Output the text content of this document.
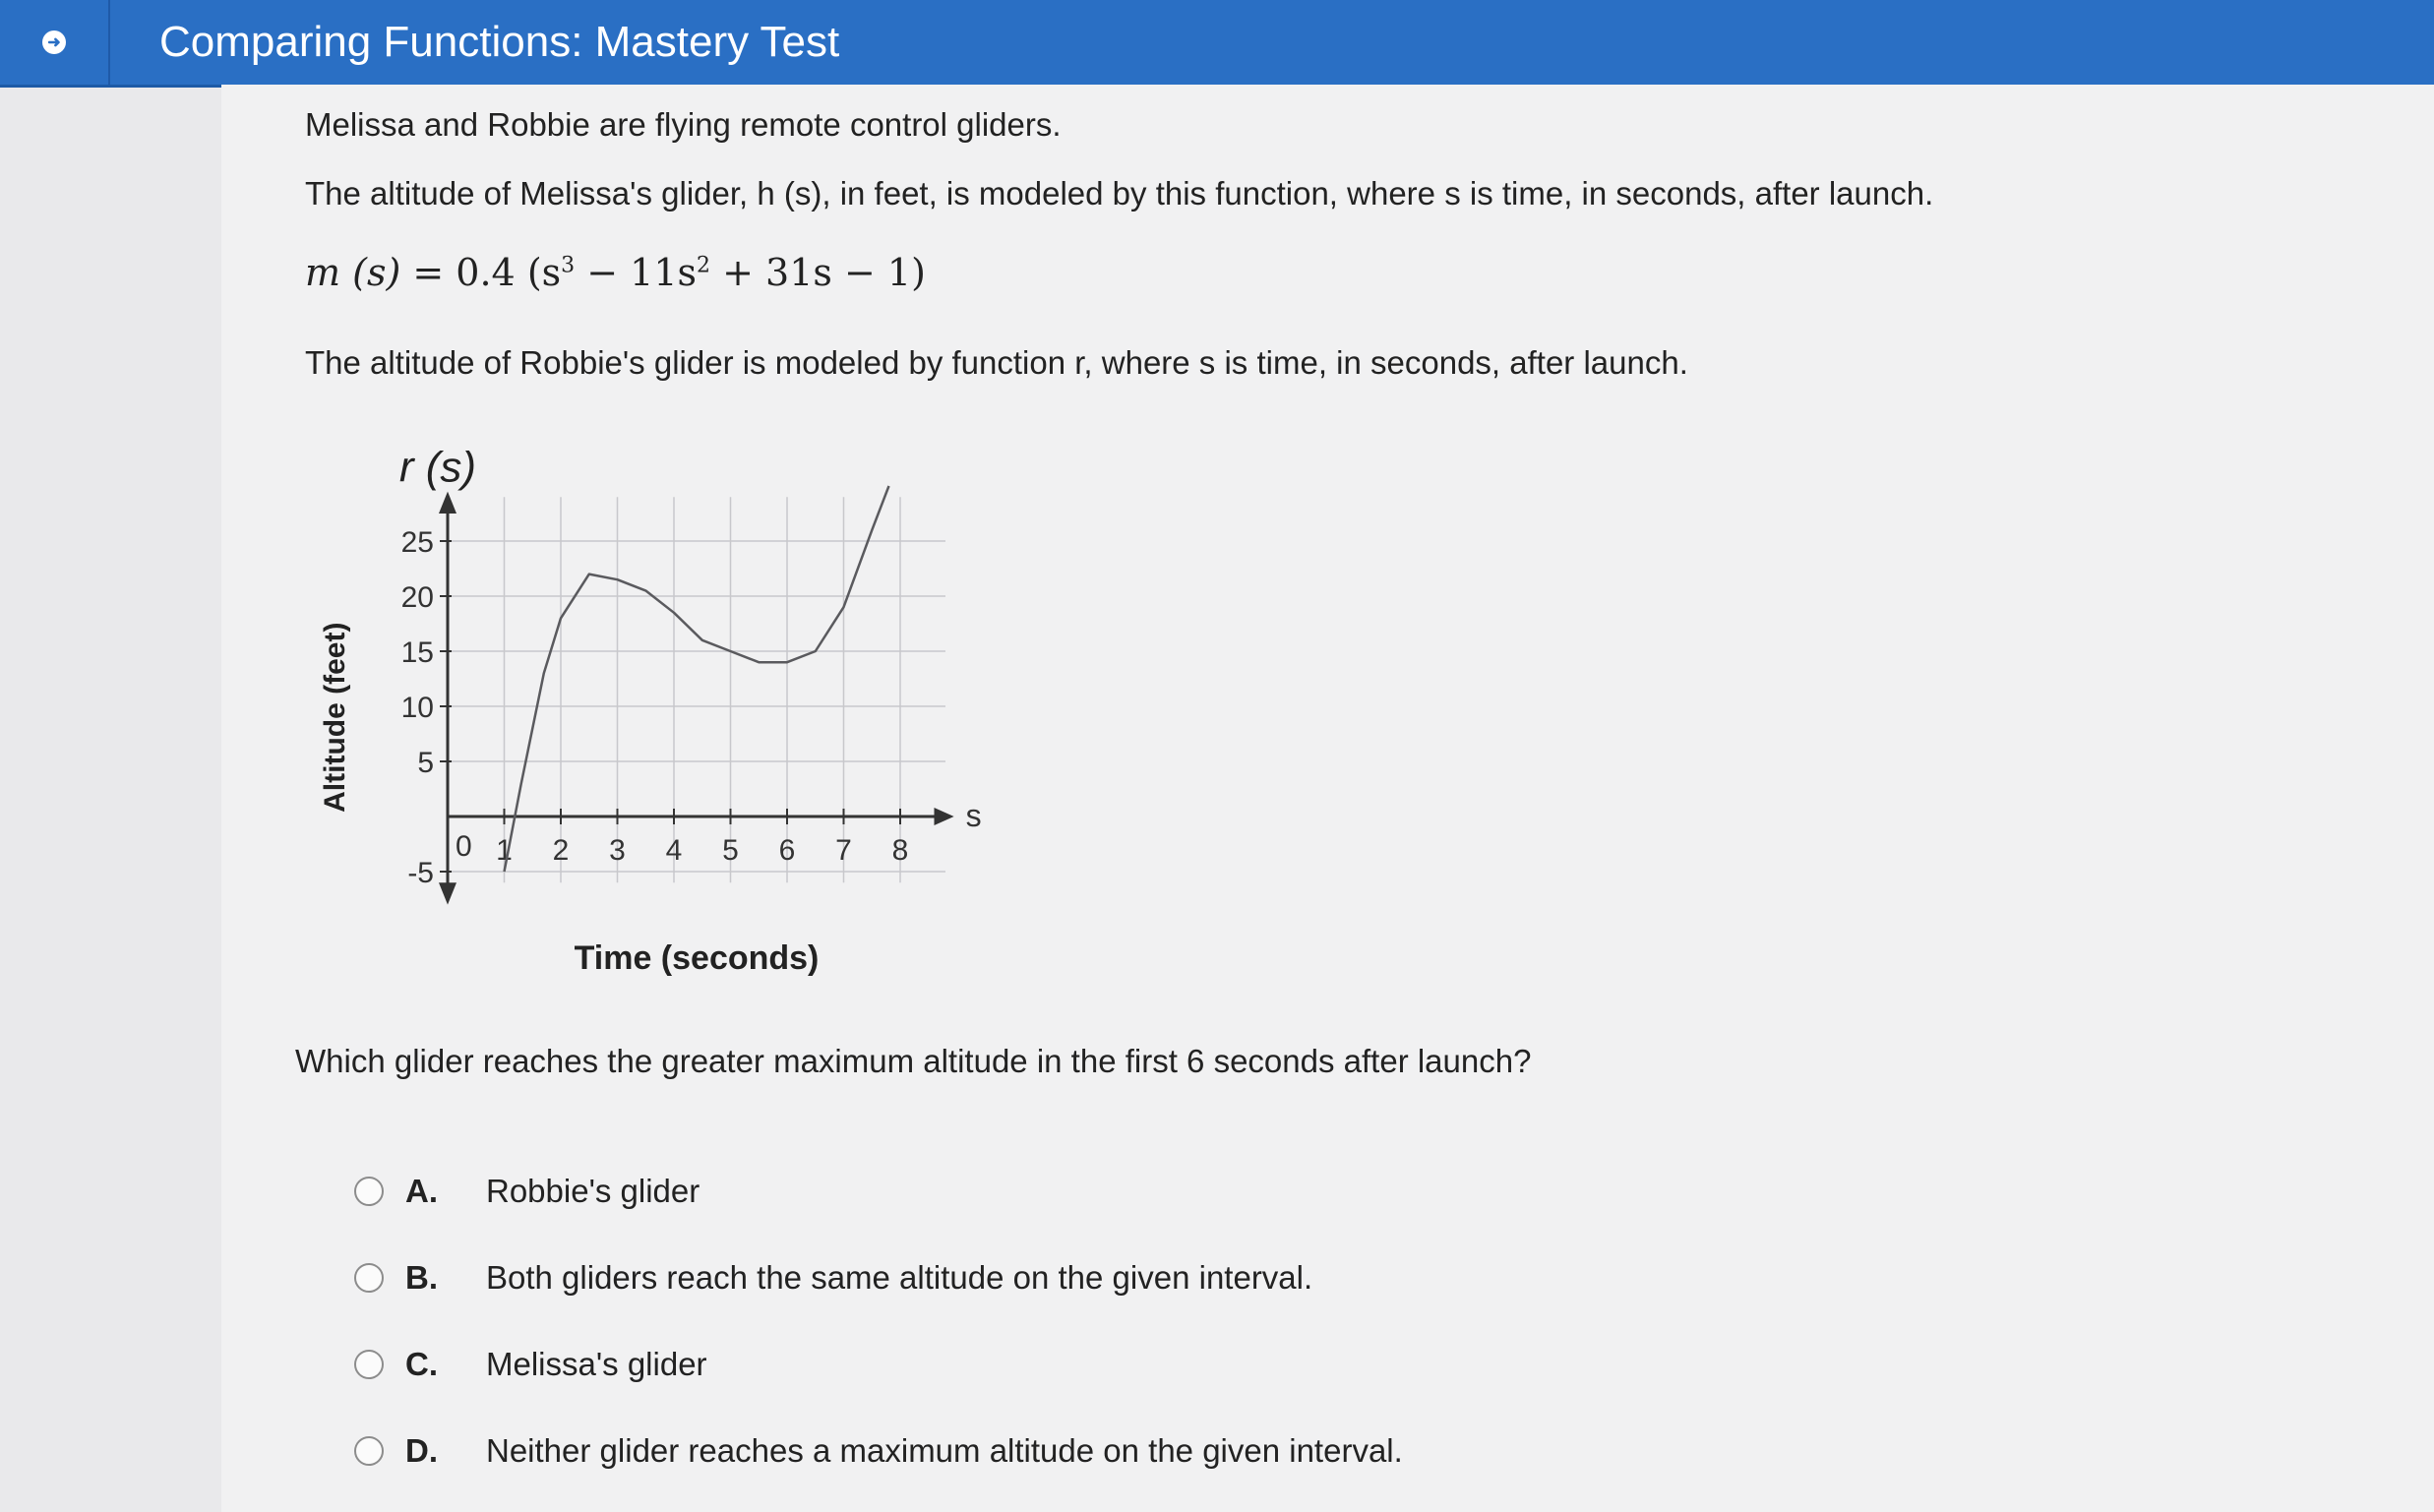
➜ Comparing Functions: Mastery Test
Melissa and Robbie are flying remote control gliders.
The altitude of Melissa's glider, h (s), in feet, is modeled by this function, where s is time, in seconds, after launch.
m (s) = 0.4 $(s^3 - 11s^2 + 31s - 1)$
The altitude of Robbie's glider is modeled by function r, where s is time, in seconds, after launch.
1 2 3 4 5 6 7 8
25
20
15
10
5
-5
0
s
r (s)
Time (seconds)
Altitude (feet)
Which glider reaches the greater maximum altitude in the first 6 seconds after launch?
A.	Robbie's glider
B.	Both gliders reach the same altitude on the given interval.
C.	Melissa's glider
D.	Neither glider reaches a maximum altitude on the given interval.
